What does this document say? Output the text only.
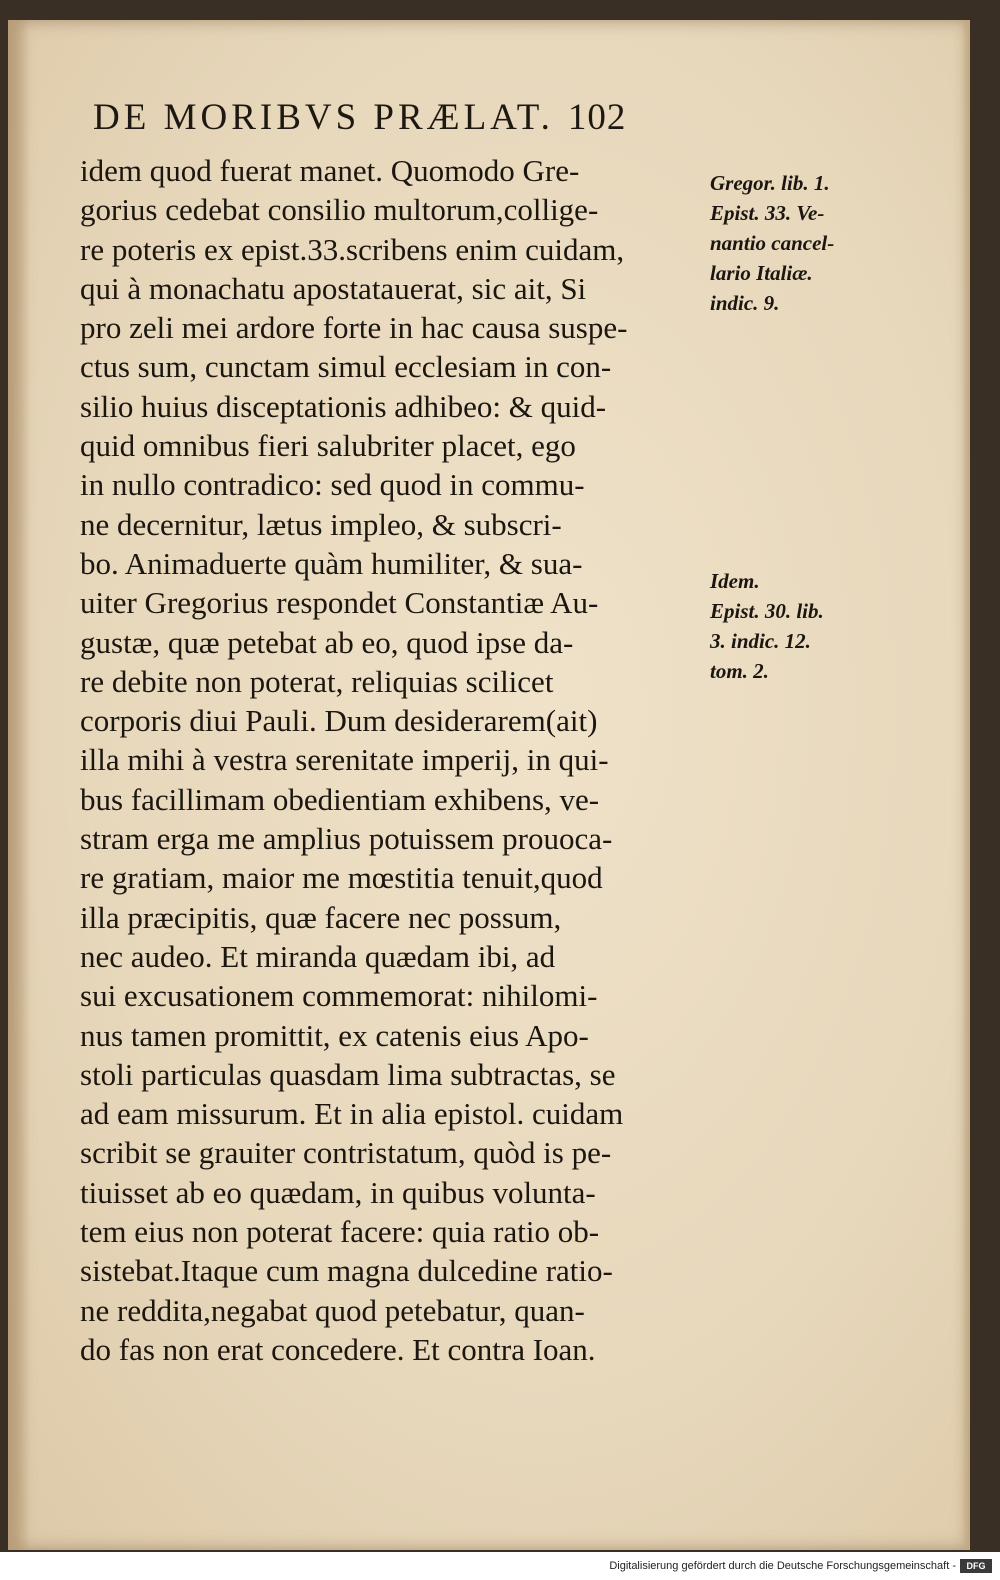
DE MORIBVS PRÆLAT. 102
idem quod fuerat manet. Quomodo Gre-
gorius cedebat consilio multorum,collige-
re poteris ex epist.33.scribens enim cuidam,
qui à monachatu apostatauerat, sic ait, Si
pro zeli mei ardore forte in hac causa suspe-
ctus sum, cunctam simul ecclesiam in con-
silio huius disceptationis adhibeo: & quid-
quid omnibus fieri salubriter placet, ego
in nullo contradico: sed quod in commu-
ne decernitur, lætus impleo, & subscri-
bo. Animaduerte quàm humiliter, & sua-
uiter Gregorius respondet Constantiæ Au-
gustæ, quæ petebat ab eo, quod ipse da-
re debite non poterat, reliquias scilicet
corporis diui Pauli. Dum desiderarem(ait)
illa mihi à vestra serenitate imperij, in qui-
bus facillimam obedientiam exhibens, ve-
stram erga me amplius potuissem prouoca-
re gratiam, maior me mœstitia tenuit,quod
illa præcipitis, quæ facere nec possum,
nec audeo. Et miranda quædam ibi, ad
sui excusationem commemorat: nihilomi-
nus tamen promittit, ex catenis eius Apo-
stoli particulas quasdam lima subtractas, se
ad eam missurum. Et in alia epistol. cuidam
scribit se grauiter contristatum, quòd is pe-
tiuisset ab eo quædam, in quibus volunta-
tem eius non poterat facere: quia ratio ob-
sistebat.Itaque cum magna dulcedine ratio-
ne reddita,negabat quod petebatur, quan-
do fas non erat concedere. Et contra Ioan.
Gregor. lib. 1.
Epist. 33. Ve-
nantio cancel-
lario Italiæ.
indic. 9.
Idem.
Epist. 30. lib.
3. indic. 12.
tom. 2.
Digitalisierung gefördert durch die Deutsche Forschungsgemeinschaft -	DFG
